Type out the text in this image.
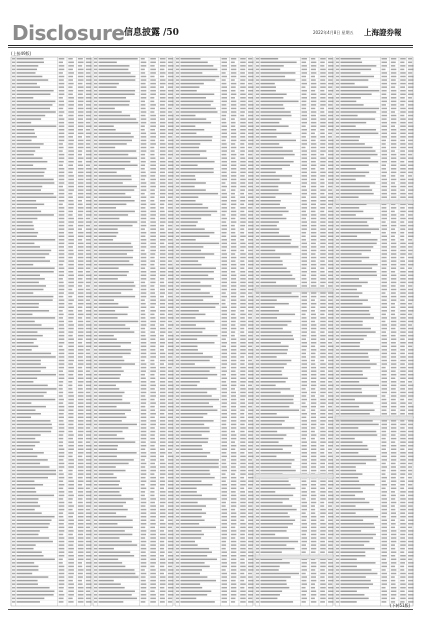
Disclosure 信息披露 /50	2022年4月8日 星期五 上海證券報
(上接49版)
(下转51版)
